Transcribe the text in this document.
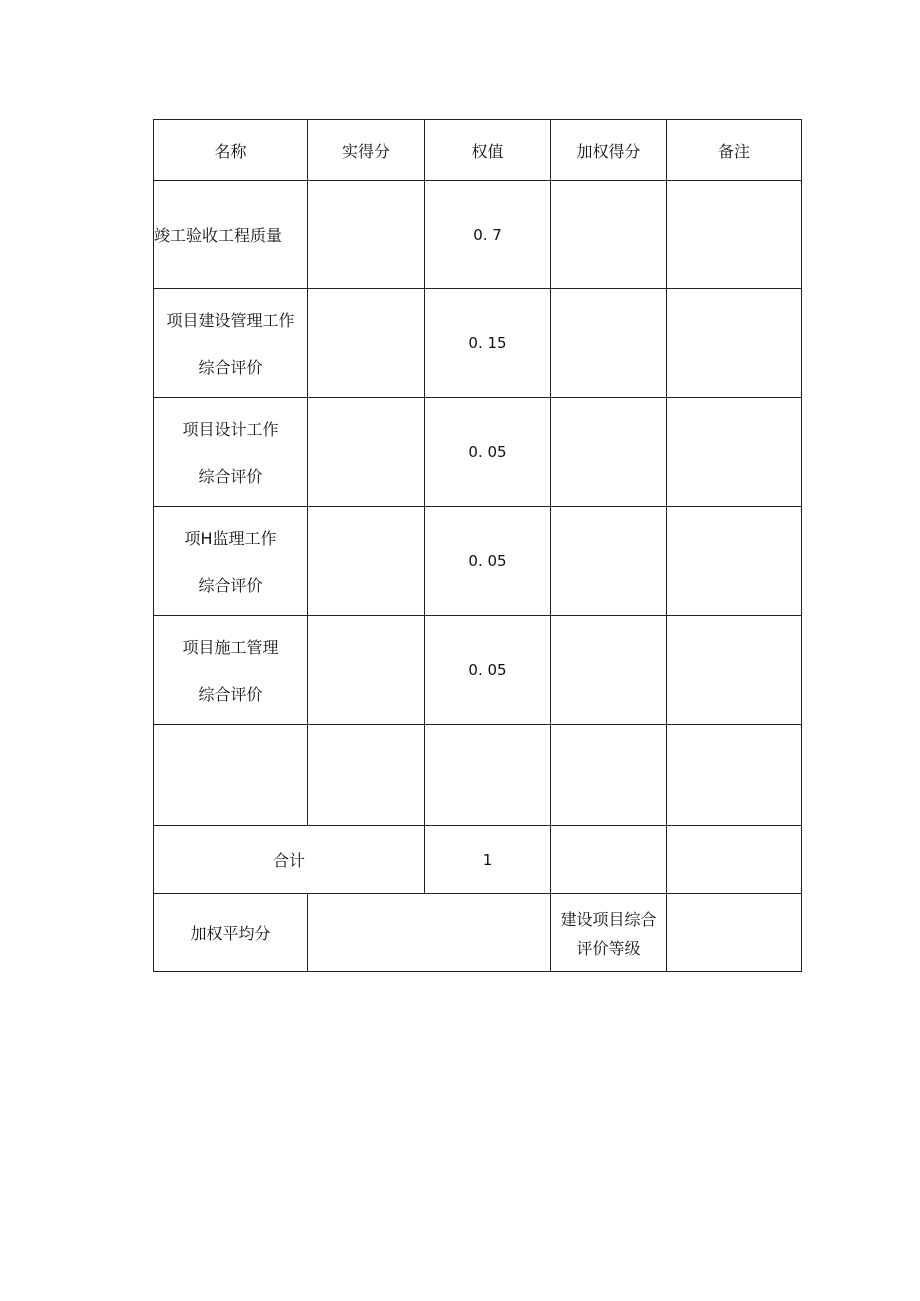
名称	实得分	权值	加权得分	备注
竣工验收工程质量		0. 7		

项目建设管理工作
综合评价		0. 15		

项目设计工作
综合评价		0. 05		

项H监理工作
综合评价		0. 05		

项目施工管理
综合评价		0. 05		

合计		1		
加权平均分			建设项目综合
评价等级	
